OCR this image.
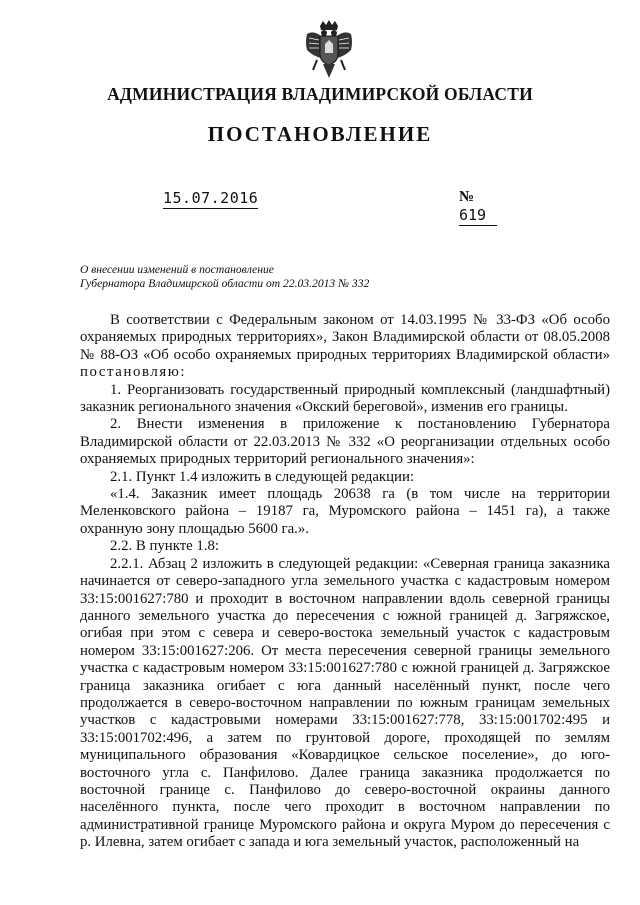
АДМИНИСТРАЦИЯ ВЛАДИМИРСКОЙ ОБЛАСТИ
ПОСТАНОВЛЕНИЕ
15.07.2016	№ 619
О внесении изменений в постановление
Губернатора Владимирской области от 22.03.2013 № 332

В соответствии с Федеральным законом от 14.03.1995 № 33-ФЗ «Об особо охраняемых природных территориях», Закон Владимирской области от 08.05.2008 № 88-ОЗ «Об особо охраняемых природных территориях Владимирской области» постановляю:

1. Реорганизовать государственный природный комплексный (ландшафтный) заказник регионального значения «Окский береговой», изменив его границы.

2. Внести изменения в приложение к постановлению Губернатора Владимирской области от 22.03.2013 № 332 «О реорганизации отдельных особо охраняемых природных территорий регионального значения»:

2.1. Пункт 1.4 изложить в следующей редакции:

«1.4. Заказник имеет площадь 20638 га (в том числе на территории Меленковского района – 19187 га, Муромского района – 1451 га), а также охранную зону площадью 5600 га.».

2.2. В пункте 1.8:

2.2.1. Абзац 2 изложить в следующей редакции: «Северная граница заказника начинается от северо-западного угла земельного участка с кадастровым номером 33:15:001627:780 и проходит в восточном направлении вдоль северной границы данного земельного участка до пересечения с южной границей д. Загряжское, огибая при этом с севера и северо-востока земельный участок с кадастровым номером 33:15:001627:206. От места пересечения северной границы земельного участка с кадастровым номером 33:15:001627:780 с южной границей д. Загряжское граница заказника огибает с юга данный населённый пункт, после чего продолжается в северо-восточном направлении по южным границам земельных участков с кадастровыми номерами 33:15:001627:778, 33:15:001702:495 и 33:15:001702:496, а затем по грунтовой дороге, проходящей по землям муниципального образования «Ковардицкое сельское поселение», до юго-восточного угла с. Панфилово. Далее граница заказника продолжается по восточной границе с. Панфилово до северо-восточной окраины данного населённого пункта, после чего проходит в восточном направлении по административной границе Муромского района и округа Муром до пересечения с р. Илевна, затем огибает с запада и юга земельный участок, расположенный на
